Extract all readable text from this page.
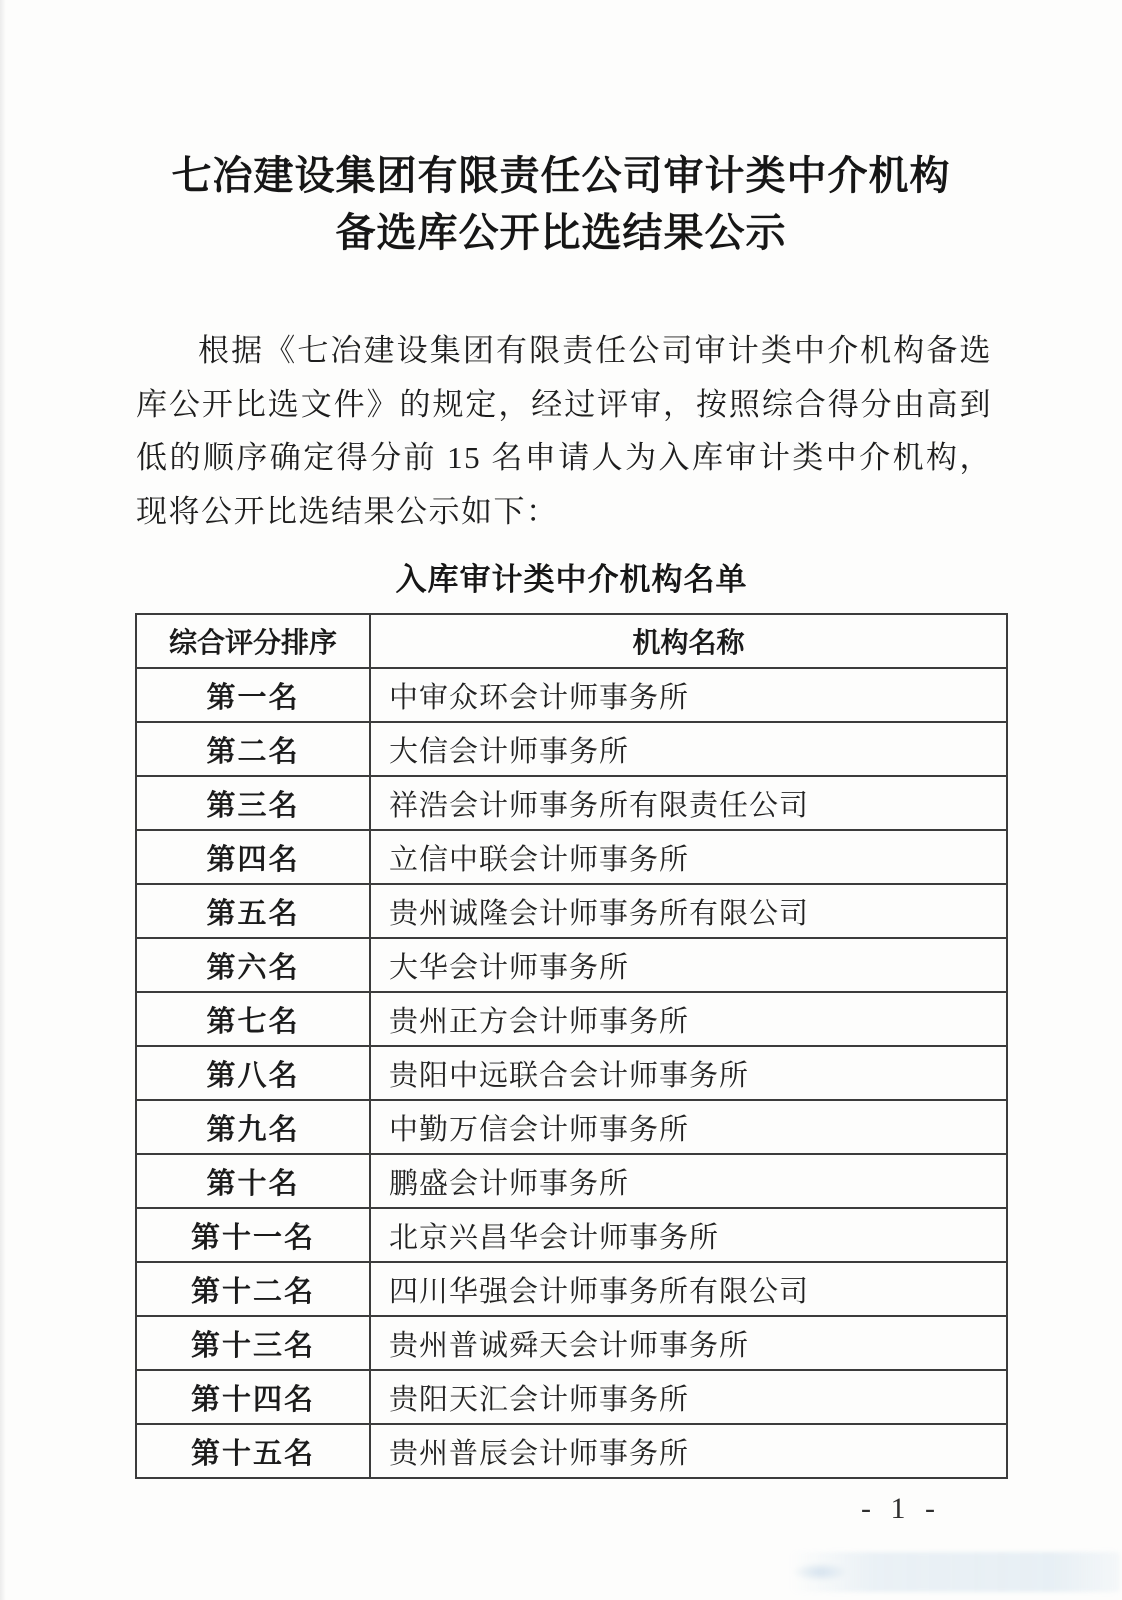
七冶建设集团有限责任公司审计类中介机构
备选库公开比选结果公示

根据《七冶建设集团有限责任公司审计类中介机构备选库公开比选文件》的规定，经过评审，按照综合得分由高到低的顺序确定得分前 15 名申请人为入库审计类中介机构，现将公开比选结果公示如下：

入库审计类中介机构名单
综合评分排序	机构名称
第一名	中审众环会计师事务所
第二名	大信会计师事务所
第三名	祥浩会计师事务所有限责任公司
第四名	立信中联会计师事务所
第五名	贵州诚隆会计师事务所有限公司
第六名	大华会计师事务所
第七名	贵州正方会计师事务所
第八名	贵阳中远联合会计师事务所
第九名	中勤万信会计师事务所
第十名	鹏盛会计师事务所
第十一名	北京兴昌华会计师事务所
第十二名	四川华强会计师事务所有限公司
第十三名	贵州普诚舜天会计师事务所
第十四名	贵阳天汇会计师事务所
第十五名	贵州普辰会计师事务所
- 1 -
